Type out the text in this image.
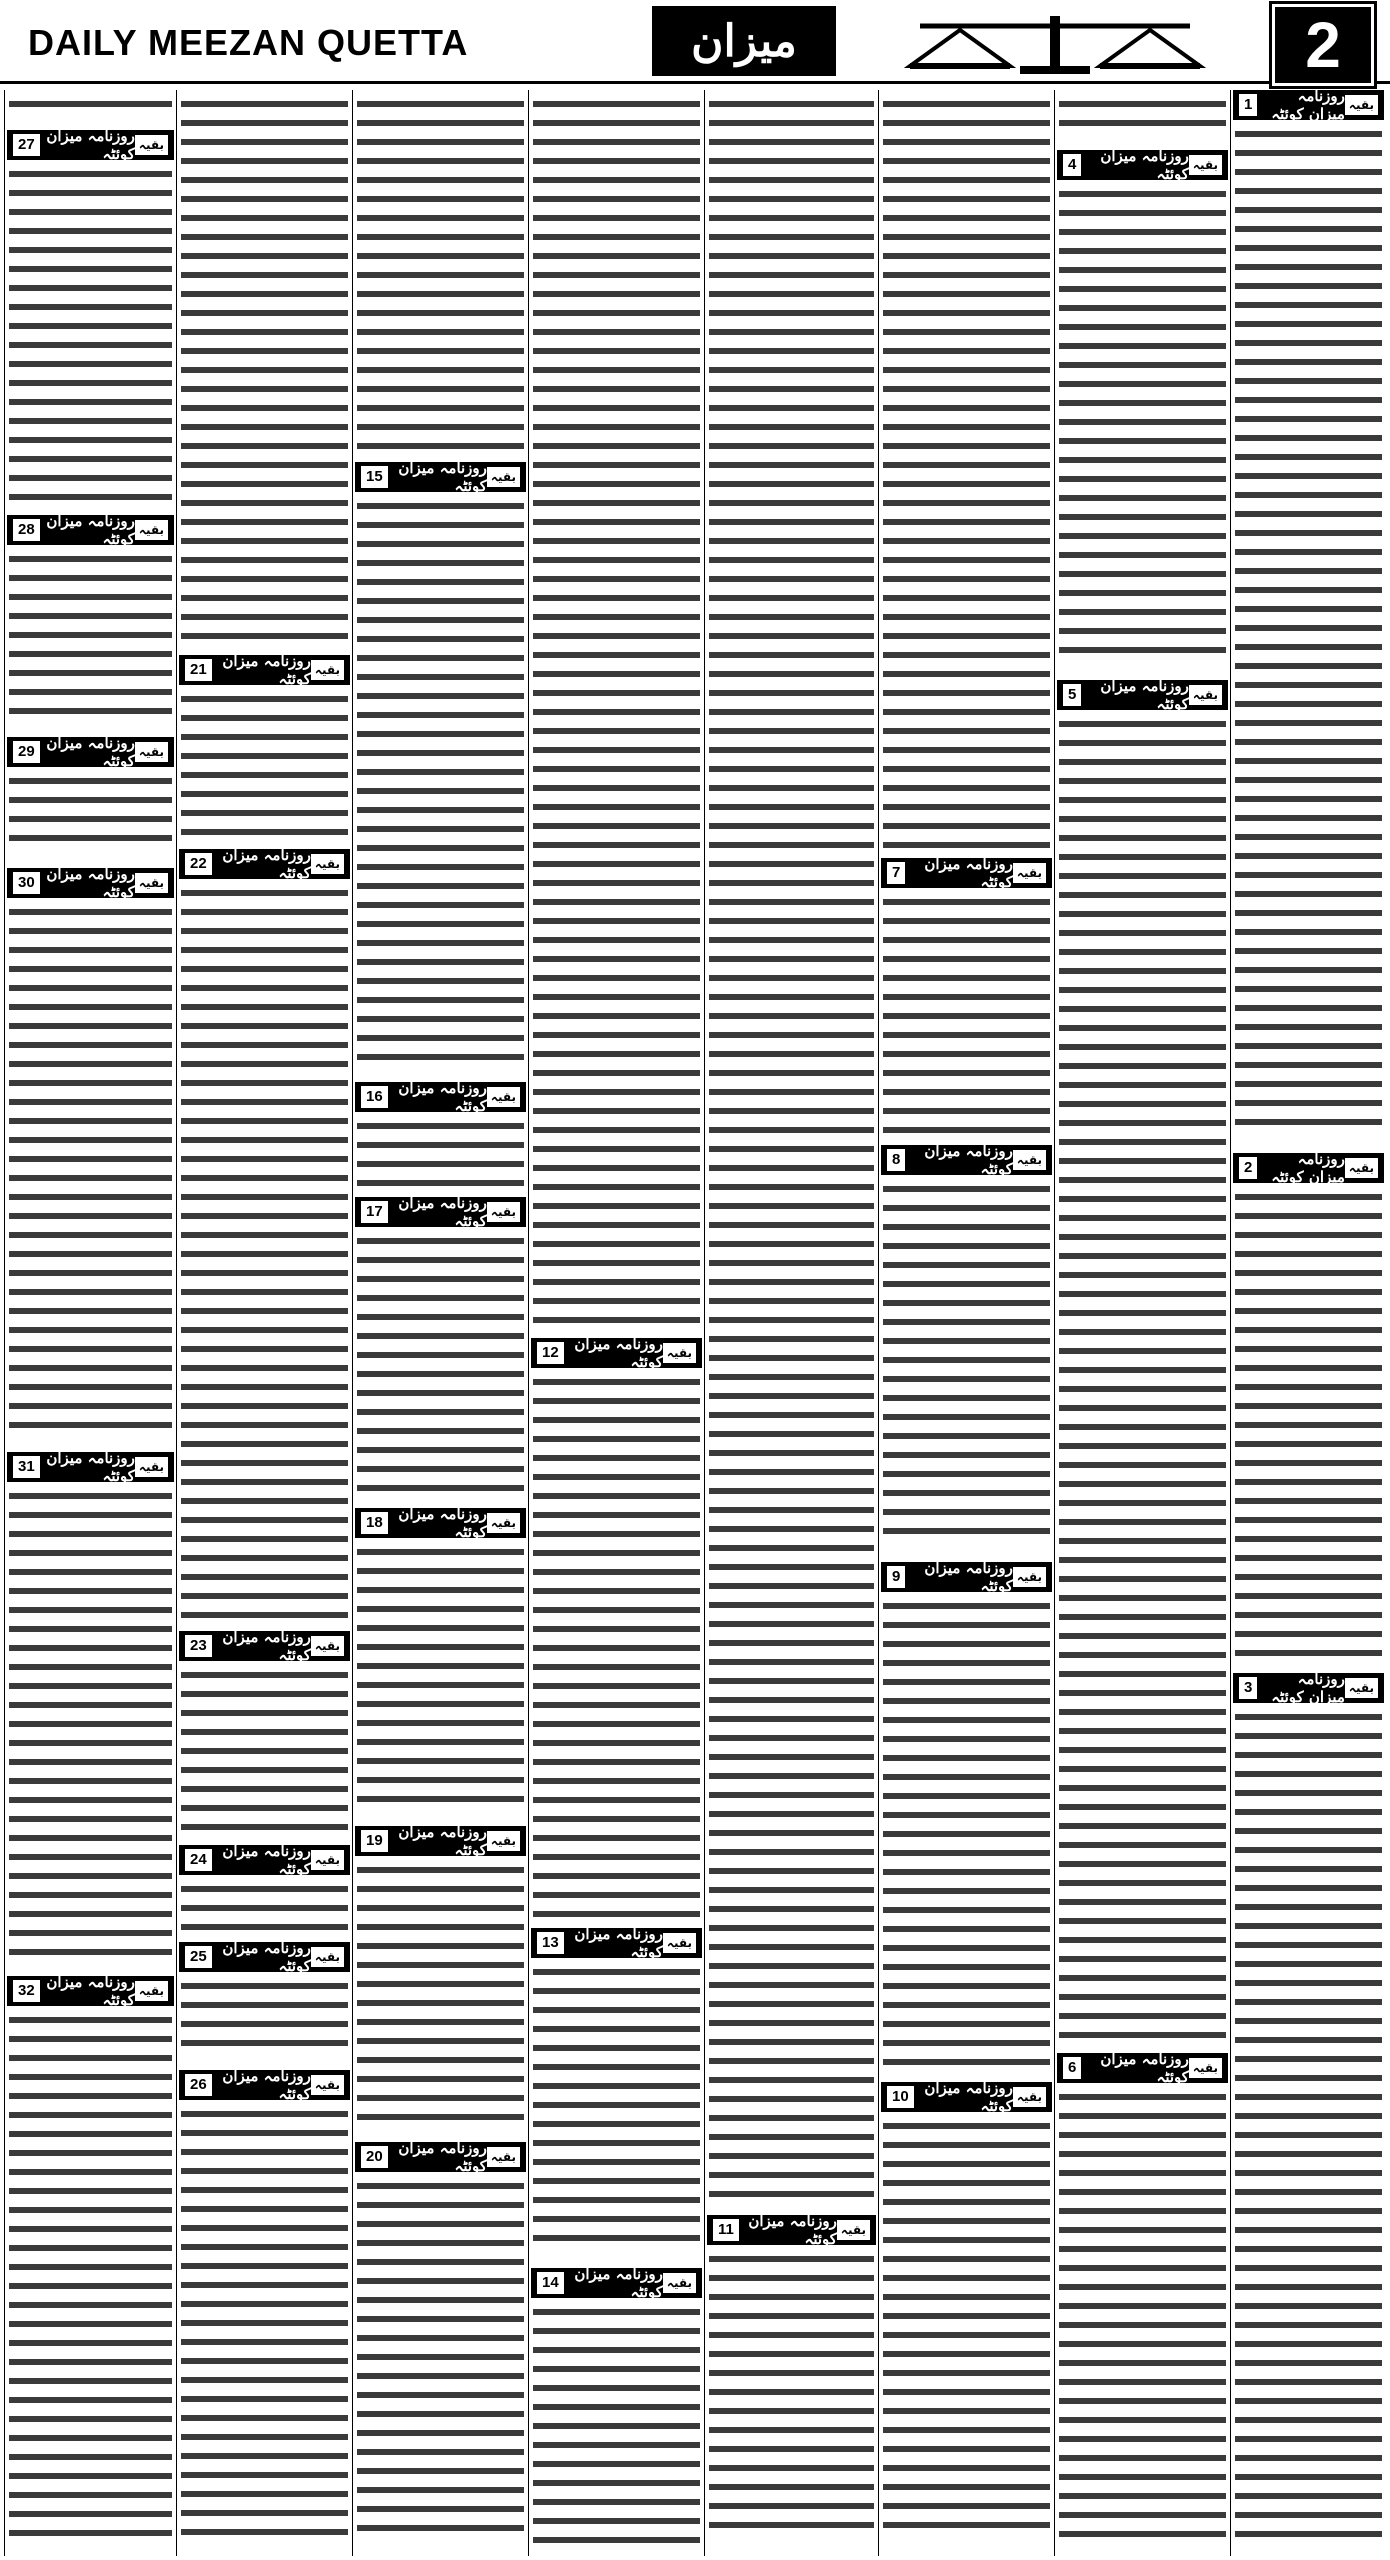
DAILY MEEZAN QUETTA	میزان	2
بقیہ
روزنامہ میزان کوئٹہ
1
بقیہ
روزنامہ میزان کوئٹہ
2
بقیہ
روزنامہ میزان کوئٹہ
3
بقیہ
روزنامہ میزان کوئٹہ
4
بقیہ
روزنامہ میزان کوئٹہ
5
بقیہ
روزنامہ میزان کوئٹہ
6
بقیہ
روزنامہ میزان کوئٹہ
7
بقیہ
روزنامہ میزان کوئٹہ
8
بقیہ
روزنامہ میزان کوئٹہ
9
بقیہ
روزنامہ میزان کوئٹہ
10
بقیہ
روزنامہ میزان کوئٹہ
11
بقیہ
روزنامہ میزان کوئٹہ
12
بقیہ
روزنامہ میزان کوئٹہ
13
بقیہ
روزنامہ میزان کوئٹہ
14
بقیہ
روزنامہ میزان کوئٹہ
15
بقیہ
روزنامہ میزان کوئٹہ
16
بقیہ
روزنامہ میزان کوئٹہ
17
بقیہ
روزنامہ میزان کوئٹہ
18
بقیہ
روزنامہ میزان کوئٹہ
19
بقیہ
روزنامہ میزان کوئٹہ
20
بقیہ
روزنامہ میزان کوئٹہ
21
بقیہ
روزنامہ میزان کوئٹہ
22
بقیہ
روزنامہ میزان کوئٹہ
23
بقیہ
روزنامہ میزان کوئٹہ
24
بقیہ
روزنامہ میزان کوئٹہ
25
بقیہ
روزنامہ میزان کوئٹہ
26
بقیہ
روزنامہ میزان کوئٹہ
27
بقیہ
روزنامہ میزان کوئٹہ
28
بقیہ
روزنامہ میزان کوئٹہ
29
بقیہ
روزنامہ میزان کوئٹہ
30
بقیہ
روزنامہ میزان کوئٹہ
31
بقیہ
روزنامہ میزان کوئٹہ
32
